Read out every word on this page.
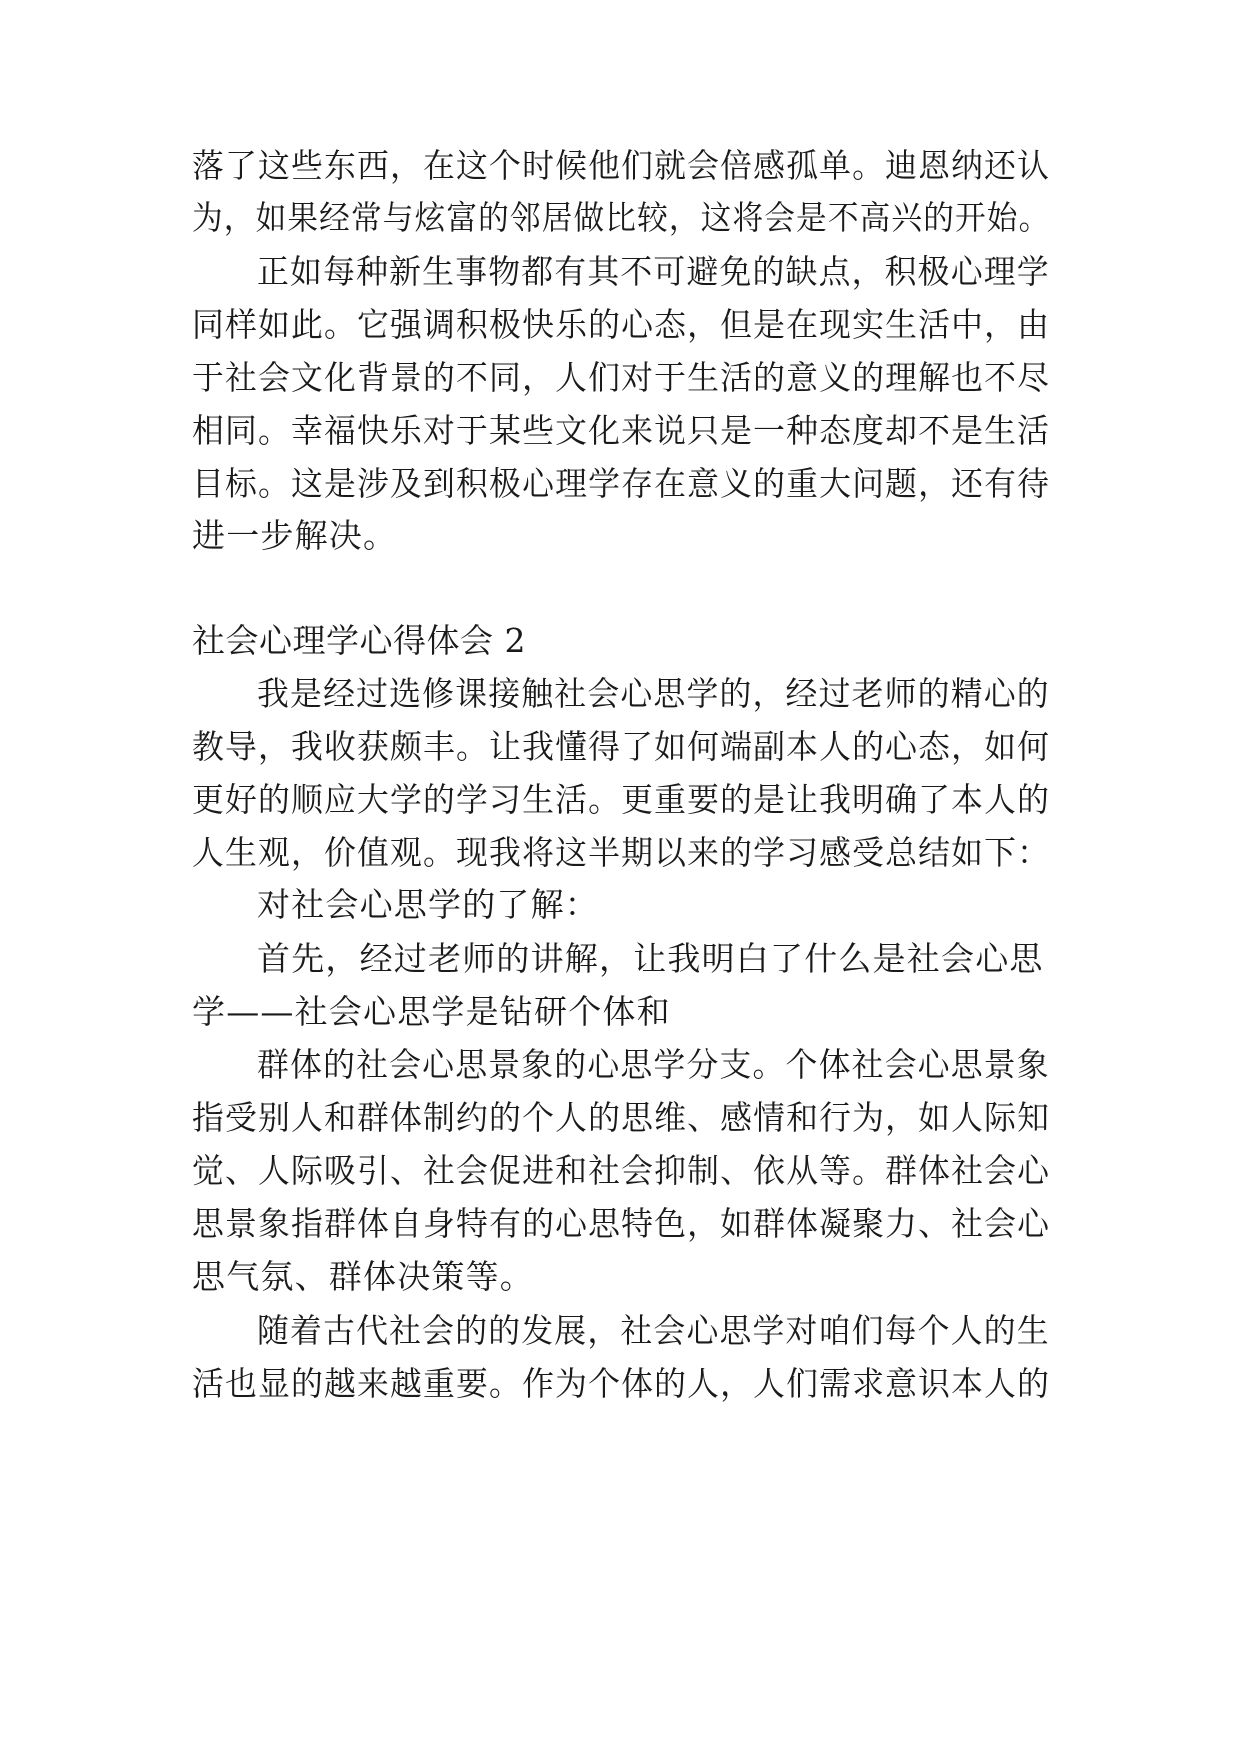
落了这些东西，在这个时候他们就会倍感孤单。迪恩纳还认
为，如果经常与炫富的邻居做比较，这将会是不高兴的开始。
正如每种新生事物都有其不可避免的缺点，积极心理学
同样如此。它强调积极快乐的心态，但是在现实生活中，由
于社会文化背景的不同，人们对于生活的意义的理解也不尽
相同。幸福快乐对于某些文化来说只是一种态度却不是生活
目标。这是涉及到积极心理学存在意义的重大问题，还有待
进一步解决。
社会心理学心得体会 2
我是经过选修课接触社会心思学的，经过老师的精心的
教导，我收获颇丰。让我懂得了如何端副本人的心态，如何
更好的顺应大学的学习生活。更重要的是让我明确了本人的
人生观，价值观。现我将这半期以来的学习感受总结如下：
对社会心思学的了解：
首先，经过老师的讲解，让我明白了什么是社会心思
学——社会心思学是钻研个体和
群体的社会心思景象的心思学分支。个体社会心思景象
指受别人和群体制约的个人的思维、感情和行为，如人际知
觉、人际吸引、社会促进和社会抑制、依从等。群体社会心
思景象指群体自身特有的心思特色，如群体凝聚力、社会心
思气氛、群体决策等。
随着古代社会的的发展，社会心思学对咱们每个人的生
活也显的越来越重要。作为个体的人，人们需求意识本人的
